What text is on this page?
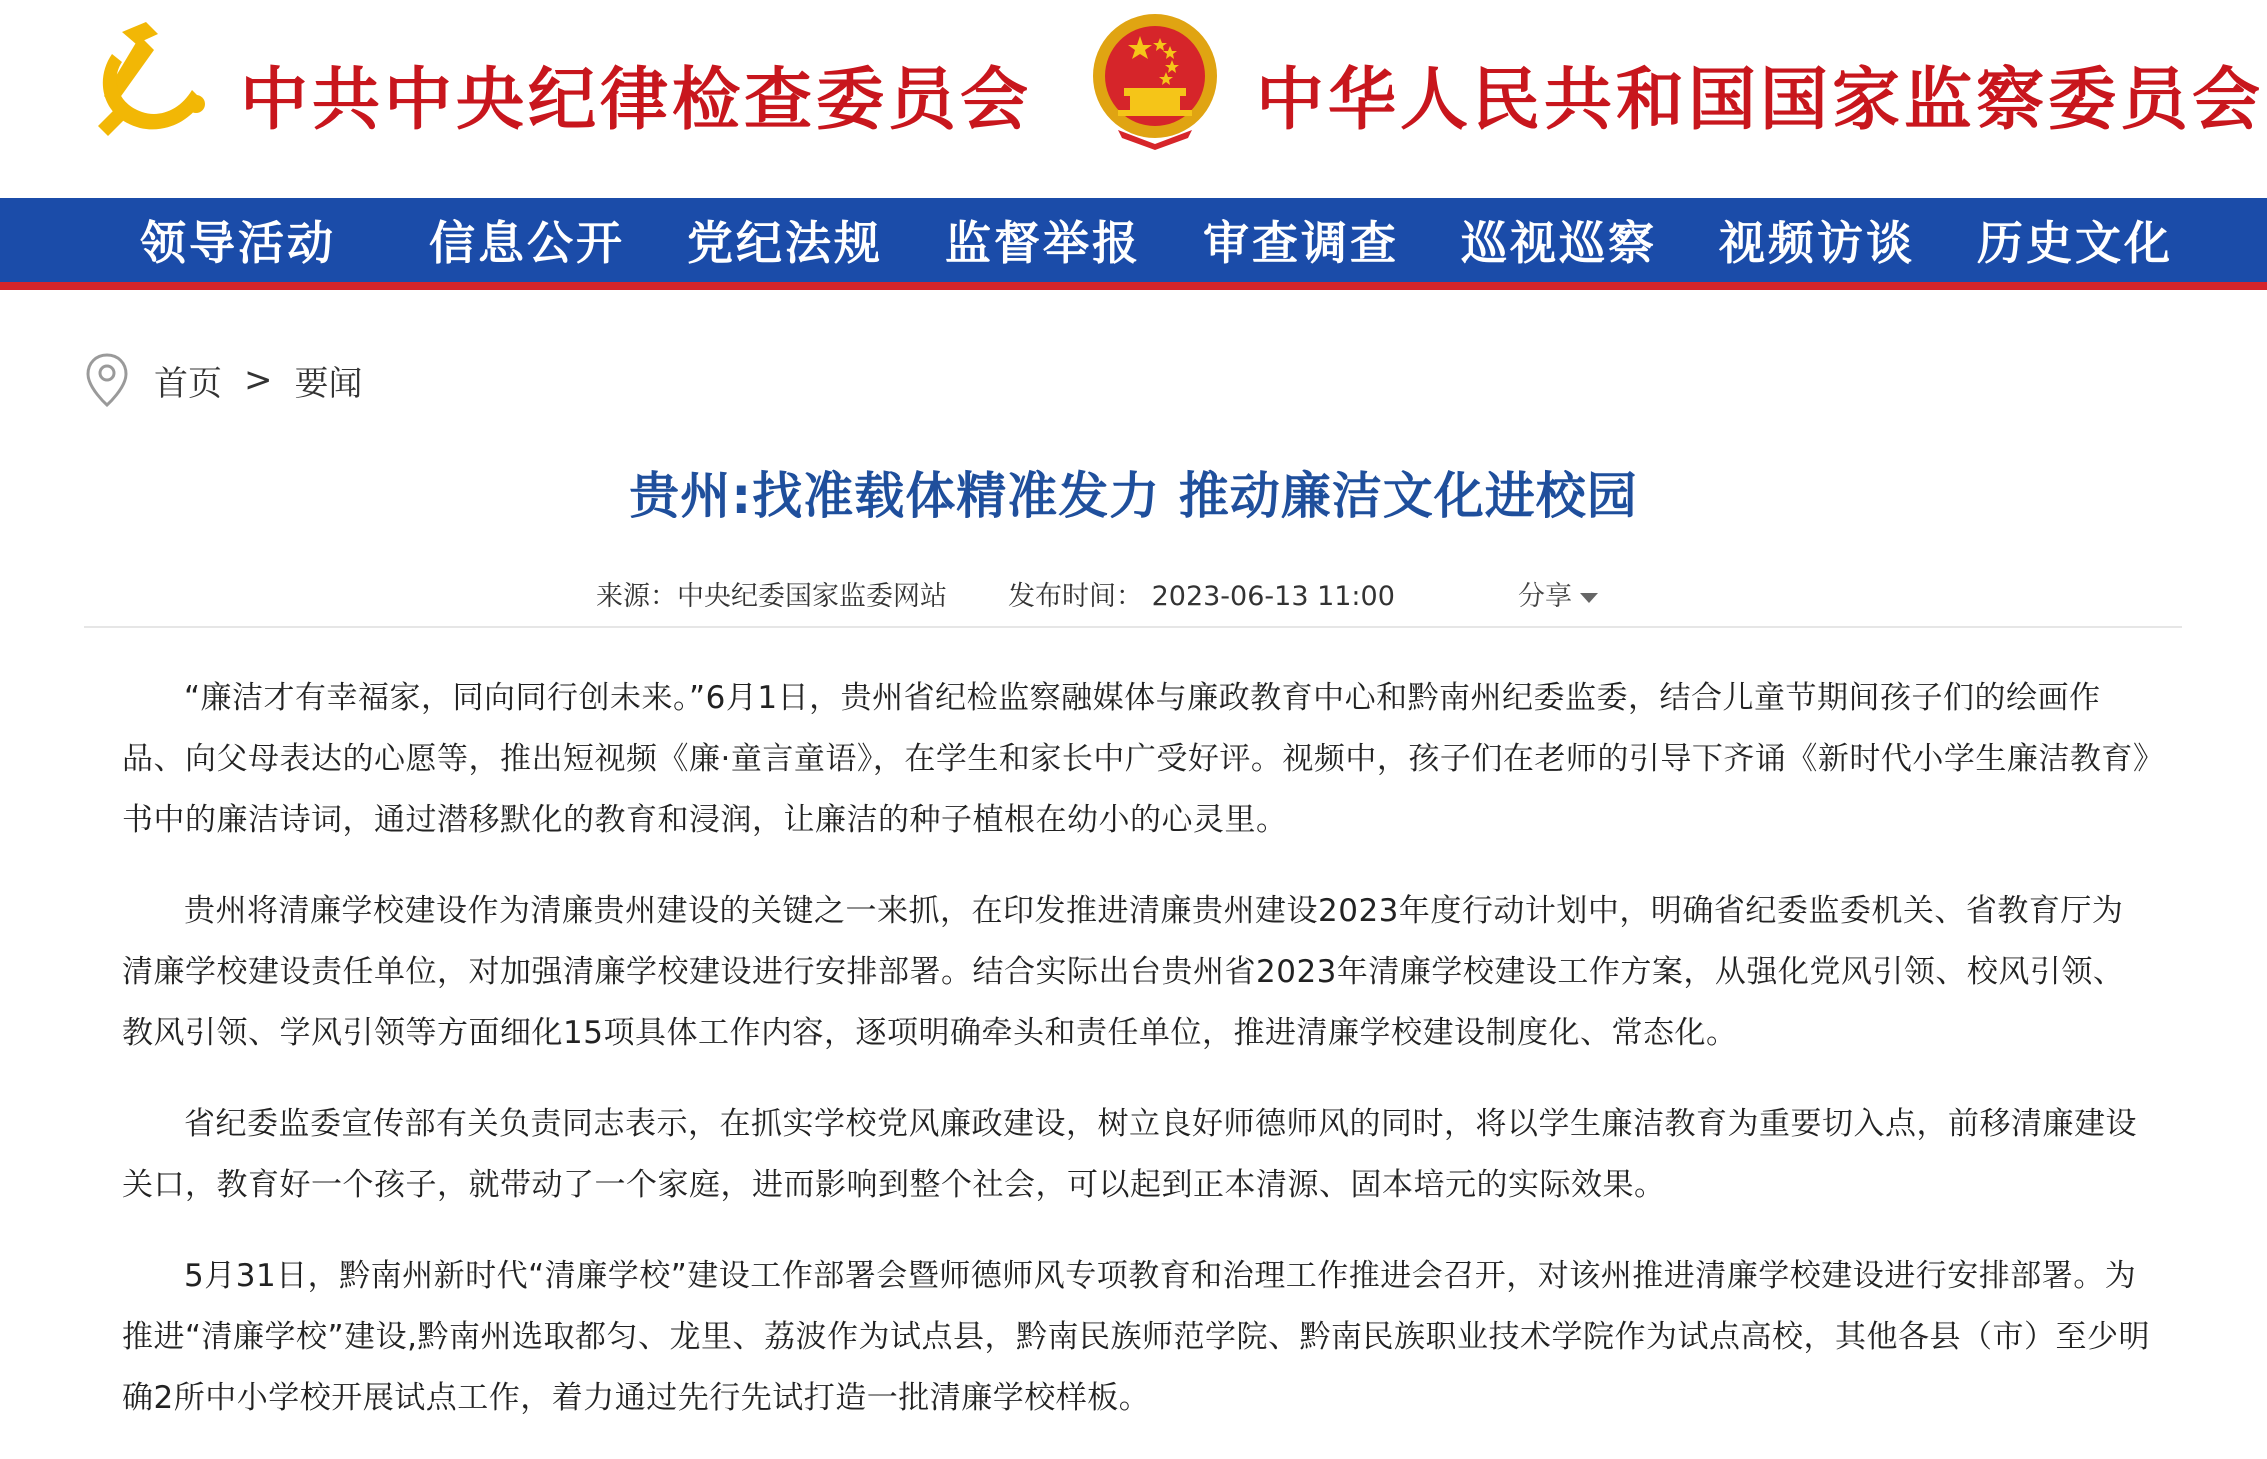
中共中央纪律检查委员会	中华人民共和国国家监察委员会
领导活动	信息公开	党纪法规	监督举报	审查调查	巡视巡察	视频访谈	历史文化
首页 > 要闻
贵州:找准载体精准发力 推动廉洁文化进校园
来源：中央纪委国家监委网站 发布时间： 2023-06-13 11:00	分享

“廉洁才有幸福家，同向同行创未来。”6月1日，贵州省纪检监察融媒体与廉政教育中心和黔南州纪委监委，结合儿童节期间孩子们的绘画作品、向父母表达的心愿等，推出短视频《廉·童言童语》，在学生和家长中广受好评。视频中，孩子们在老师的引导下齐诵《新时代小学生廉洁教育》书中的廉洁诗词，通过潜移默化的教育和浸润，让廉洁的种子植根在幼小的心灵里。

贵州将清廉学校建设作为清廉贵州建设的关键之一来抓，在印发推进清廉贵州建设2023年度行动计划中，明确省纪委监委机关、省教育厅为清廉学校建设责任单位，对加强清廉学校建设进行安排部署。结合实际出台贵州省2023年清廉学校建设工作方案，从强化党风引领、校风引领、教风引领、学风引领等方面细化15项具体工作内容，逐项明确牵头和责任单位，推进清廉学校建设制度化、常态化。

省纪委监委宣传部有关负责同志表示，在抓实学校党风廉政建设，树立良好师德师风的同时，将以学生廉洁教育为重要切入点，前移清廉建设关口，教育好一个孩子，就带动了一个家庭，进而影响到整个社会，可以起到正本清源、固本培元的实际效果。

5月31日，黔南州新时代“清廉学校”建设工作部署会暨师德师风专项教育和治理工作推进会召开，对该州推进清廉学校建设进行安排部署。为推进“清廉学校”建设,黔南州选取都匀、龙里、荔波作为试点县，黔南民族师范学院、黔南民族职业技术学院作为试点高校，其他各县（市）至少明确2所中小学校开展试点工作，着力通过先行先试打造一批清廉学校样板。
